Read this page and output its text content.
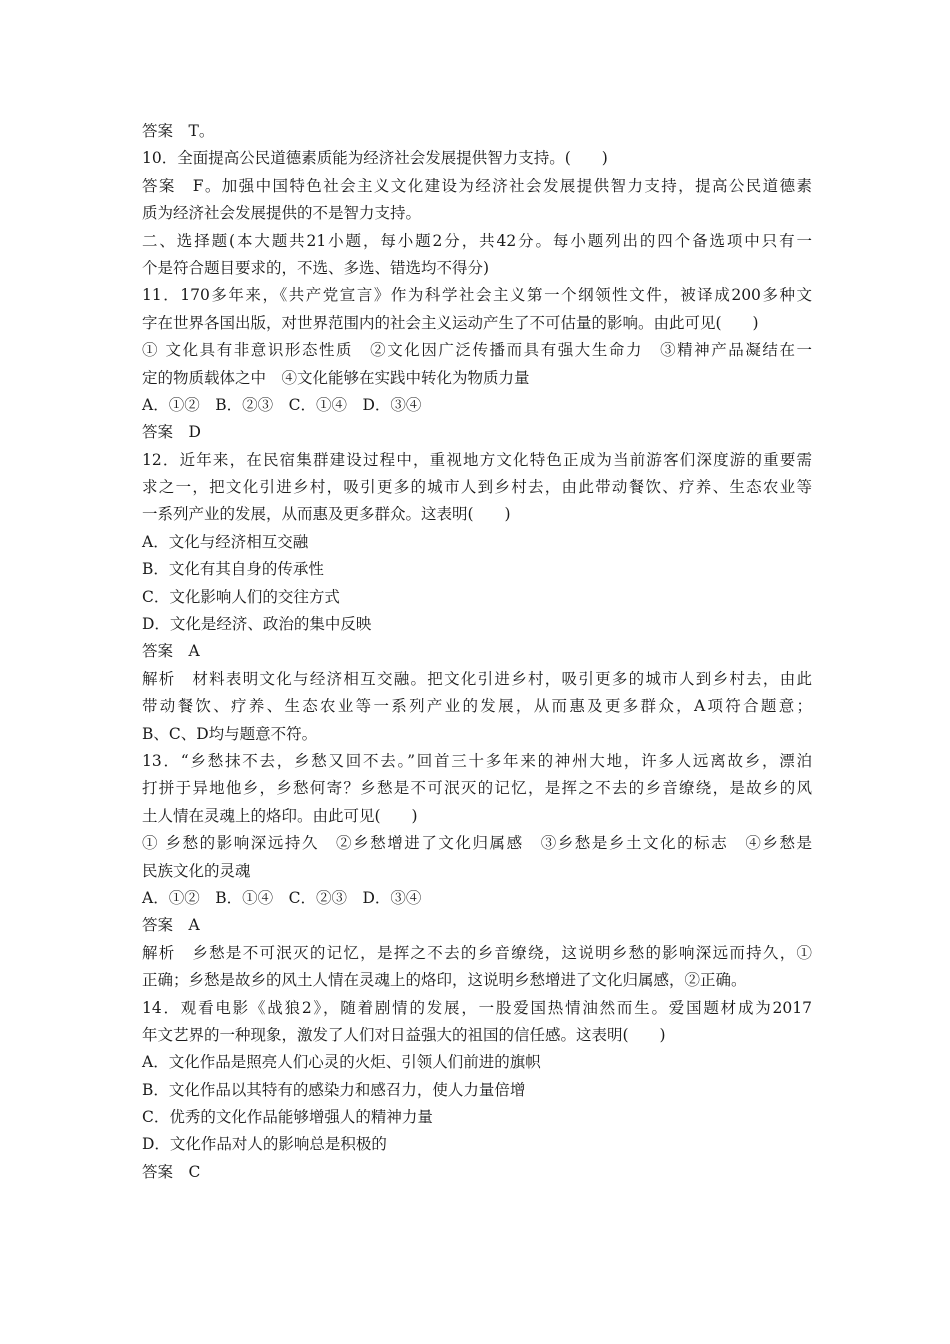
答案　T。

10．全面提高公民道德素质能为经济社会发展提供智力支持。(　　)

答案　F。加强中国特色社会主义文化建设为经济社会发展提供智力支持，提高公民道德素

质为经济社会发展提供的不是智力支持。

二、选择题(本大题共21小题，每小题2分，共42分。每小题列出的四个备选项中只有一

个是符合题目要求的，不选、多选、错选均不得分)

11．170多年来，《共产党宣言》作为科学社会主义第一个纲领性文件，被译成200多种文

字在世界各国出版，对世界范围内的社会主义运动产生了不可估量的影响。由此可见(　　)

① 文化具有非意识形态性质　②文化因广泛传播而具有强大生命力　③精神产品凝结在一

定的物质载体之中　④文化能够在实践中转化为物质力量

A．①②　B．②③　C．①④　D．③④

答案　D

12．近年来，在民宿集群建设过程中，重视地方文化特色正成为当前游客们深度游的重要需

求之一，把文化引进乡村，吸引更多的城市人到乡村去，由此带动餐饮、疗养、生态农业等

一系列产业的发展，从而惠及更多群众。这表明(　　)

A．文化与经济相互交融

B．文化有其自身的传承性

C．文化影响人们的交往方式

D．文化是经济、政治的集中反映

答案　A

解析　材料表明文化与经济相互交融。把文化引进乡村，吸引更多的城市人到乡村去，由此

带动餐饮、疗养、生态农业等一系列产业的发展，从而惠及更多群众，A项符合题意；

B、C、D均与题意不符。

13．“乡愁抹不去，乡愁又回不去。”回首三十多年来的神州大地，许多人远离故乡，漂泊

打拼于异地他乡，乡愁何寄？乡愁是不可泯灭的记忆，是挥之不去的乡音缭绕，是故乡的风

土人情在灵魂上的烙印。由此可见(　　)

① 乡愁的影响深远持久　②乡愁增进了文化归属感　③乡愁是乡土文化的标志　④乡愁是

民族文化的灵魂

A．①②　B．①④　C．②③　D．③④

答案　A

解析　乡愁是不可泯灭的记忆，是挥之不去的乡音缭绕，这说明乡愁的影响深远而持久，①

正确；乡愁是故乡的风土人情在灵魂上的烙印，这说明乡愁增进了文化归属感，②正确。

14．观看电影《战狼2》，随着剧情的发展，一股爱国热情油然而生。爱国题材成为2017

年文艺界的一种现象，激发了人们对日益强大的祖国的信任感。这表明(　　)

A．文化作品是照亮人们心灵的火炬、引领人们前进的旗帜

B．文化作品以其特有的感染力和感召力，使人力量倍增

C．优秀的文化作品能够增强人的精神力量

D．文化作品对人的影响总是积极的

答案　C
